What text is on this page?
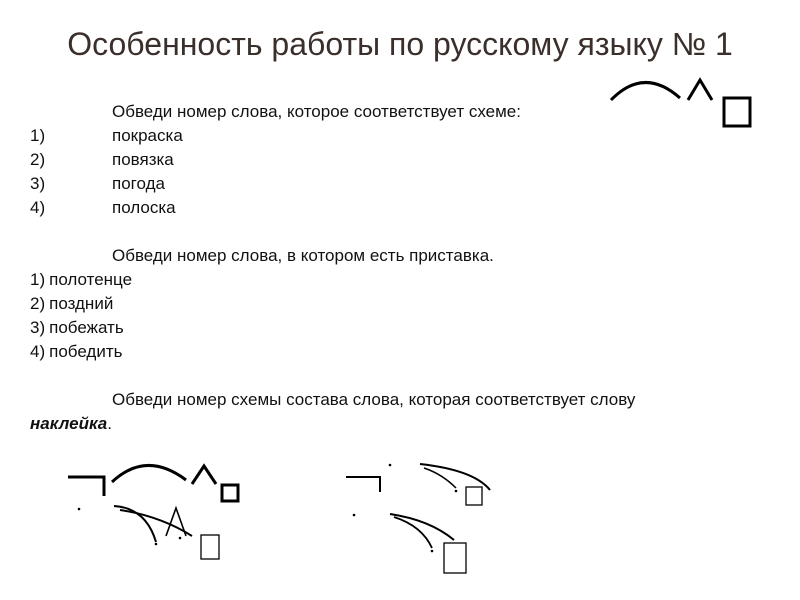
Особенность работы по русскому языку № 1
Обведи номер слова, которое соответствует схеме:
1)	покраска
2)	повязка
3)	погода
4)	полоска
Обведи номер слова, в котором есть приставка.
1) полотенце
2) поздний
3) побежать
4) победить
Обведи номер схемы состава слова, которая соответствует слову
наклейка.
